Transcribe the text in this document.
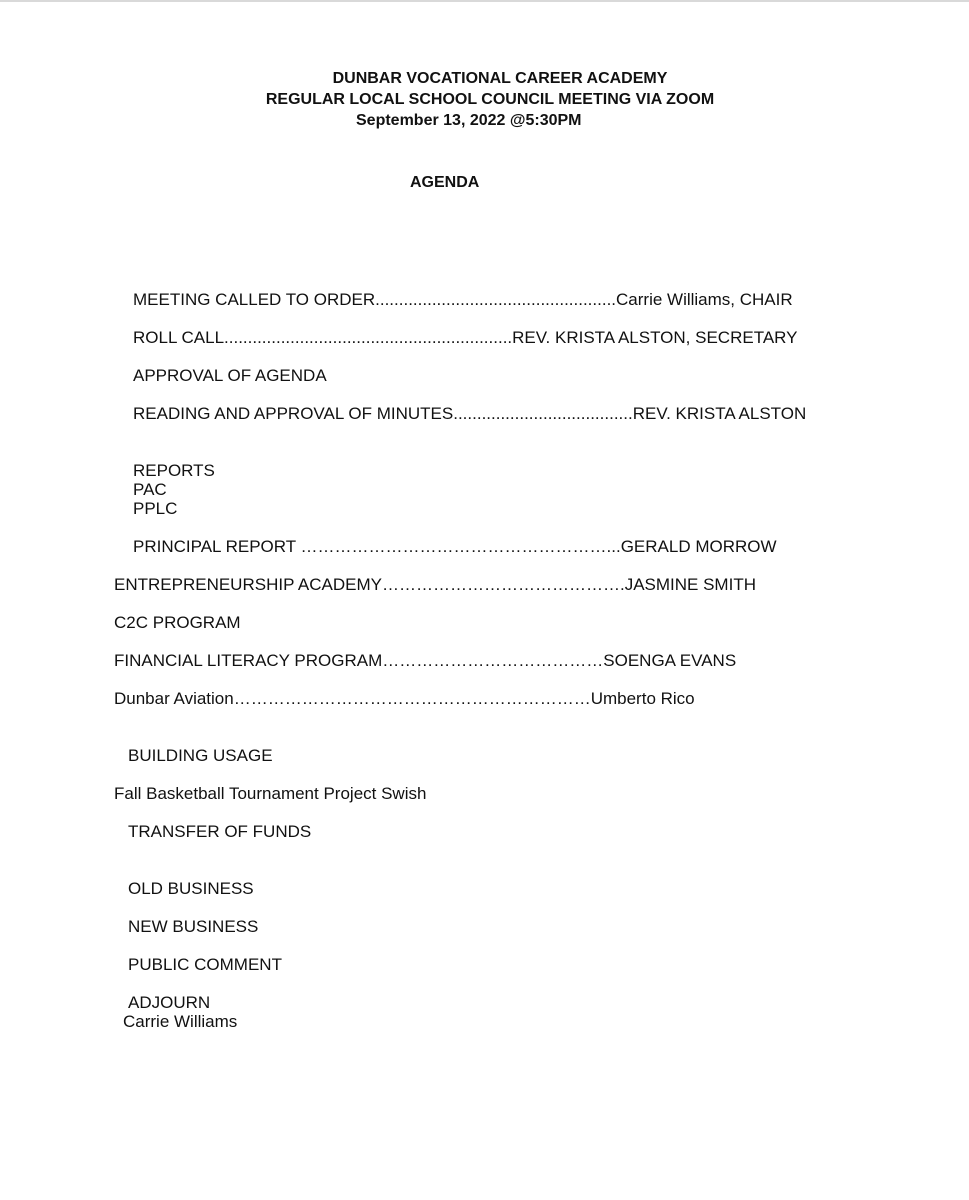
DUNBAR VOCATIONAL CAREER ACADEMY
REGULAR LOCAL SCHOOL COUNCIL MEETING VIA ZOOM
September 13, 2022 @5:30PM
AGENDA
MEETING CALLED TO ORDER...................................................Carrie Williams, CHAIR
ROLL CALL.............................................................REV. KRISTA ALSTON, SECRETARY
APPROVAL OF AGENDA
READING AND APPROVAL OF MINUTES......................................REV. KRISTA ALSTON
REPORTS
PAC
PPLC
PRINCIPAL REPORT ………………………………………………...GERALD MORROW
ENTREPRENEURSHIP ACADEMY…………………………………….JASMINE SMITH
C2C PROGRAM
FINANCIAL LITERACY PROGRAM…………………………………SOENGA EVANS
Dunbar Aviation………………………………………………………Umberto Rico
BUILDING USAGE
Fall Basketball Tournament Project Swish
TRANSFER OF FUNDS
OLD BUSINESS
NEW BUSINESS
PUBLIC COMMENT
ADJOURN
Carrie Williams
